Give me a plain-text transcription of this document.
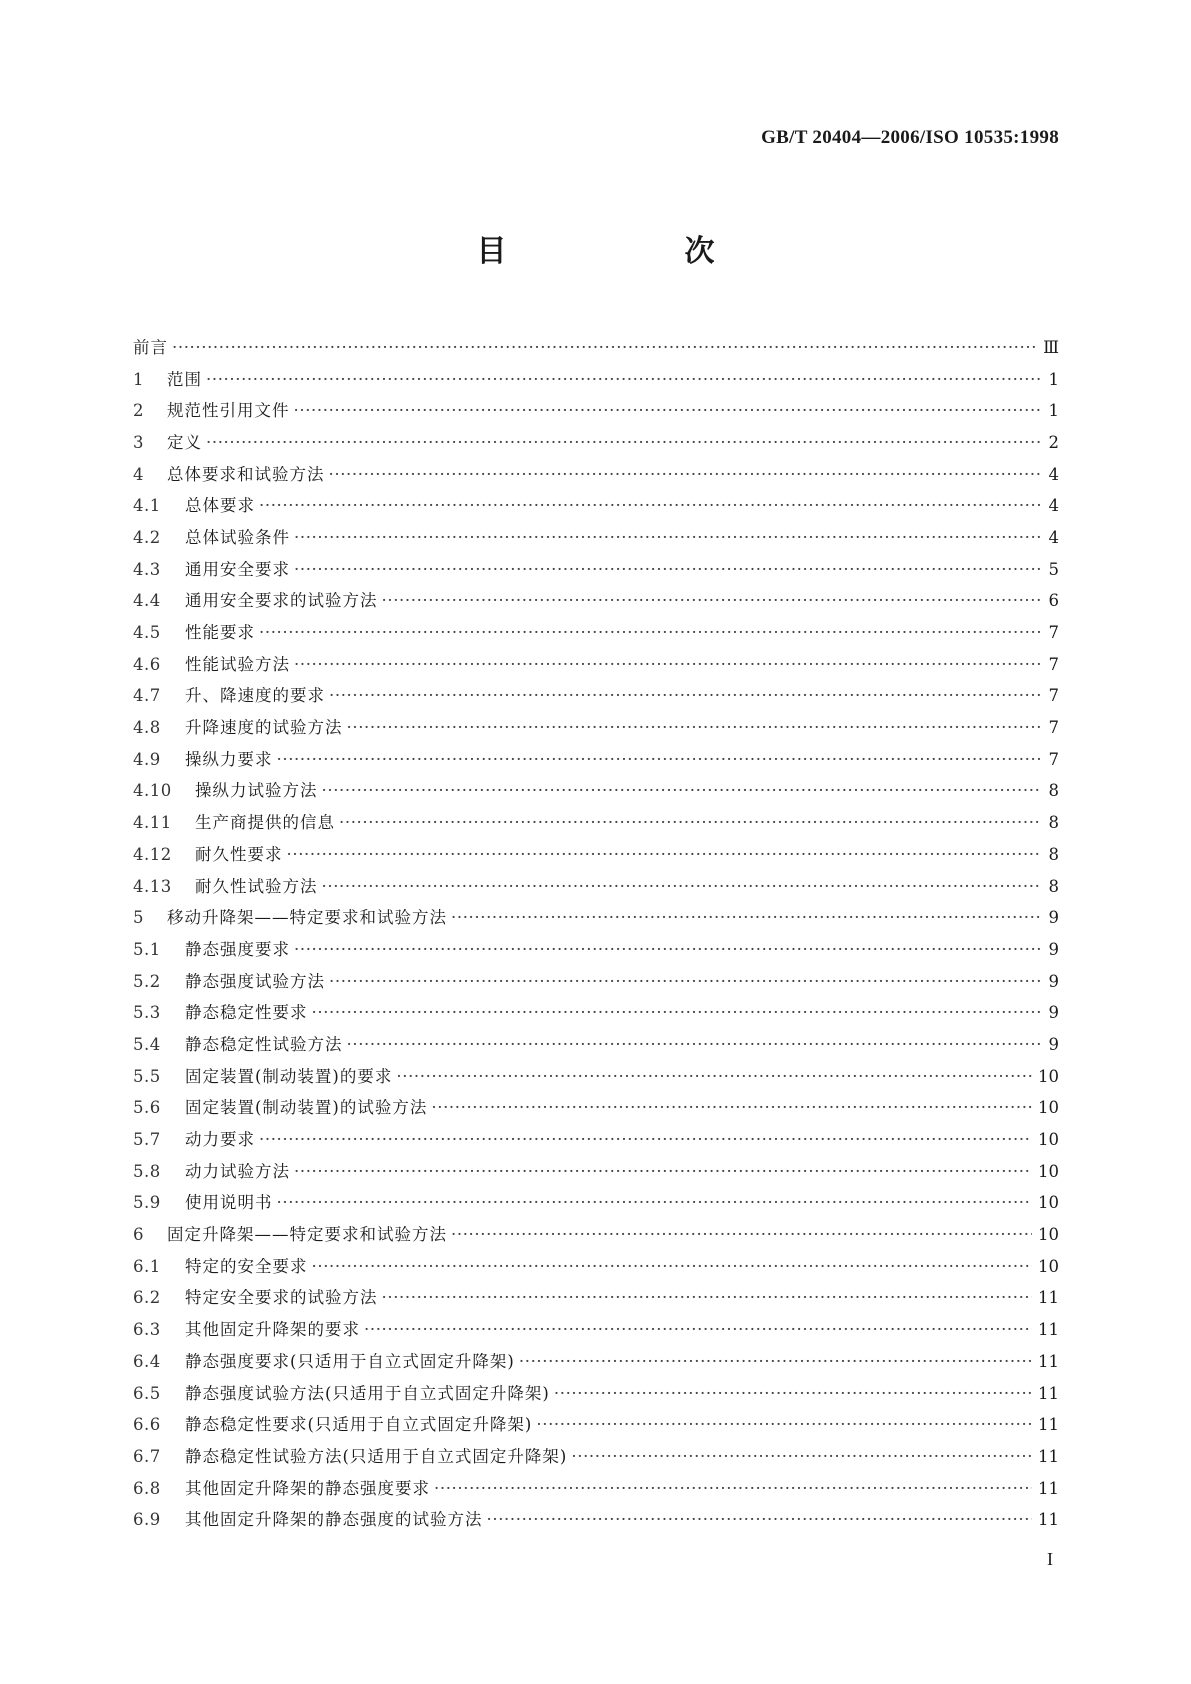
GB/T 20404—2006/ISO 10535:1998
目　次
前言 ·····	Ⅲ
1	范围 ·····	1
2	规范性引用文件 ·····	1
3	定义 ·····	2
4	总体要求和试验方法 ·····	4
4.1	总体要求 ·····	4
4.2	总体试验条件 ·····	4
4.3	通用安全要求 ·····	5
4.4	通用安全要求的试验方法 ·····	6
4.5	性能要求 ·····	7
4.6	性能试验方法 ·····	7
4.7	升、降速度的要求 ·····	7
4.8	升降速度的试验方法 ·····	7
4.9	操纵力要求 ·····	7
4.10	操纵力试验方法 ·····	8
4.11	生产商提供的信息 ·····	8
4.12	耐久性要求 ·····	8
4.13	耐久性试验方法 ·····	8
5	移动升降架——特定要求和试验方法 ·····	9
5.1	静态强度要求 ·····	9
5.2	静态强度试验方法 ·····	9
5.3	静态稳定性要求 ·····	9
5.4	静态稳定性试验方法 ·····	9
5.5	固定装置(制动装置)的要求 ·····	10
5.6	固定装置(制动装置)的试验方法 ·····	10
5.7	动力要求 ·····	10
5.8	动力试验方法 ·····	10
5.9	使用说明书 ·····	10
6	固定升降架——特定要求和试验方法 ·····	10
6.1	特定的安全要求 ·····	10
6.2	特定安全要求的试验方法 ·····	11
6.3	其他固定升降架的要求 ·····	11
6.4	静态强度要求(只适用于自立式固定升降架) ·····	11
6.5	静态强度试验方法(只适用于自立式固定升降架) ·····	11
6.6	静态稳定性要求(只适用于自立式固定升降架) ·····	11
6.7	静态稳定性试验方法(只适用于自立式固定升降架) ·····	11
6.8	其他固定升降架的静态强度要求 ·····	11
6.9	其他固定升降架的静态强度的试验方法 ·····	11
I
